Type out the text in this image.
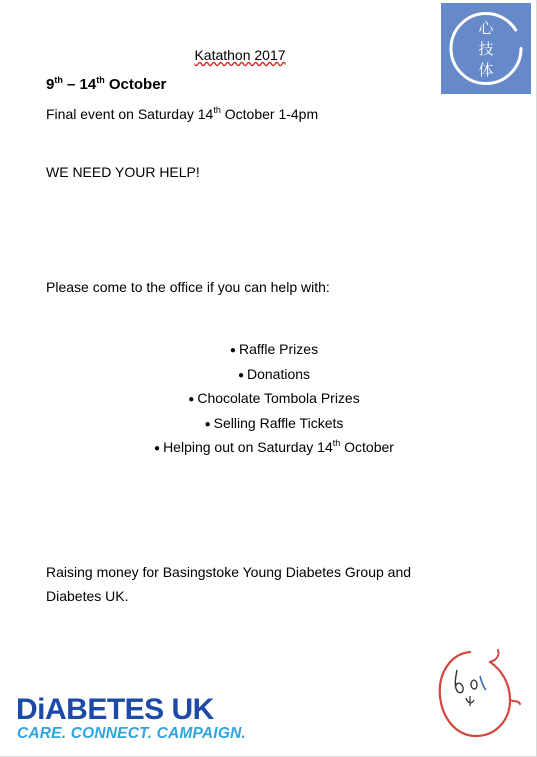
心
技
体
Katathon 2017
9th – 14th October
Final event on Saturday 14th October 1-4pm
WE NEED YOUR HELP!
Please come to the office if you can help with:
● Raffle Prizes
● Donations
● Chocolate Tombola Prizes
● Selling Raffle Tickets
● Helping out on Saturday 14th October
Raising money for Basingstoke Young Diabetes Group and
Diabetes UK.
DiABETES UK
CARE. CONNECT. CAMPAIGN.
